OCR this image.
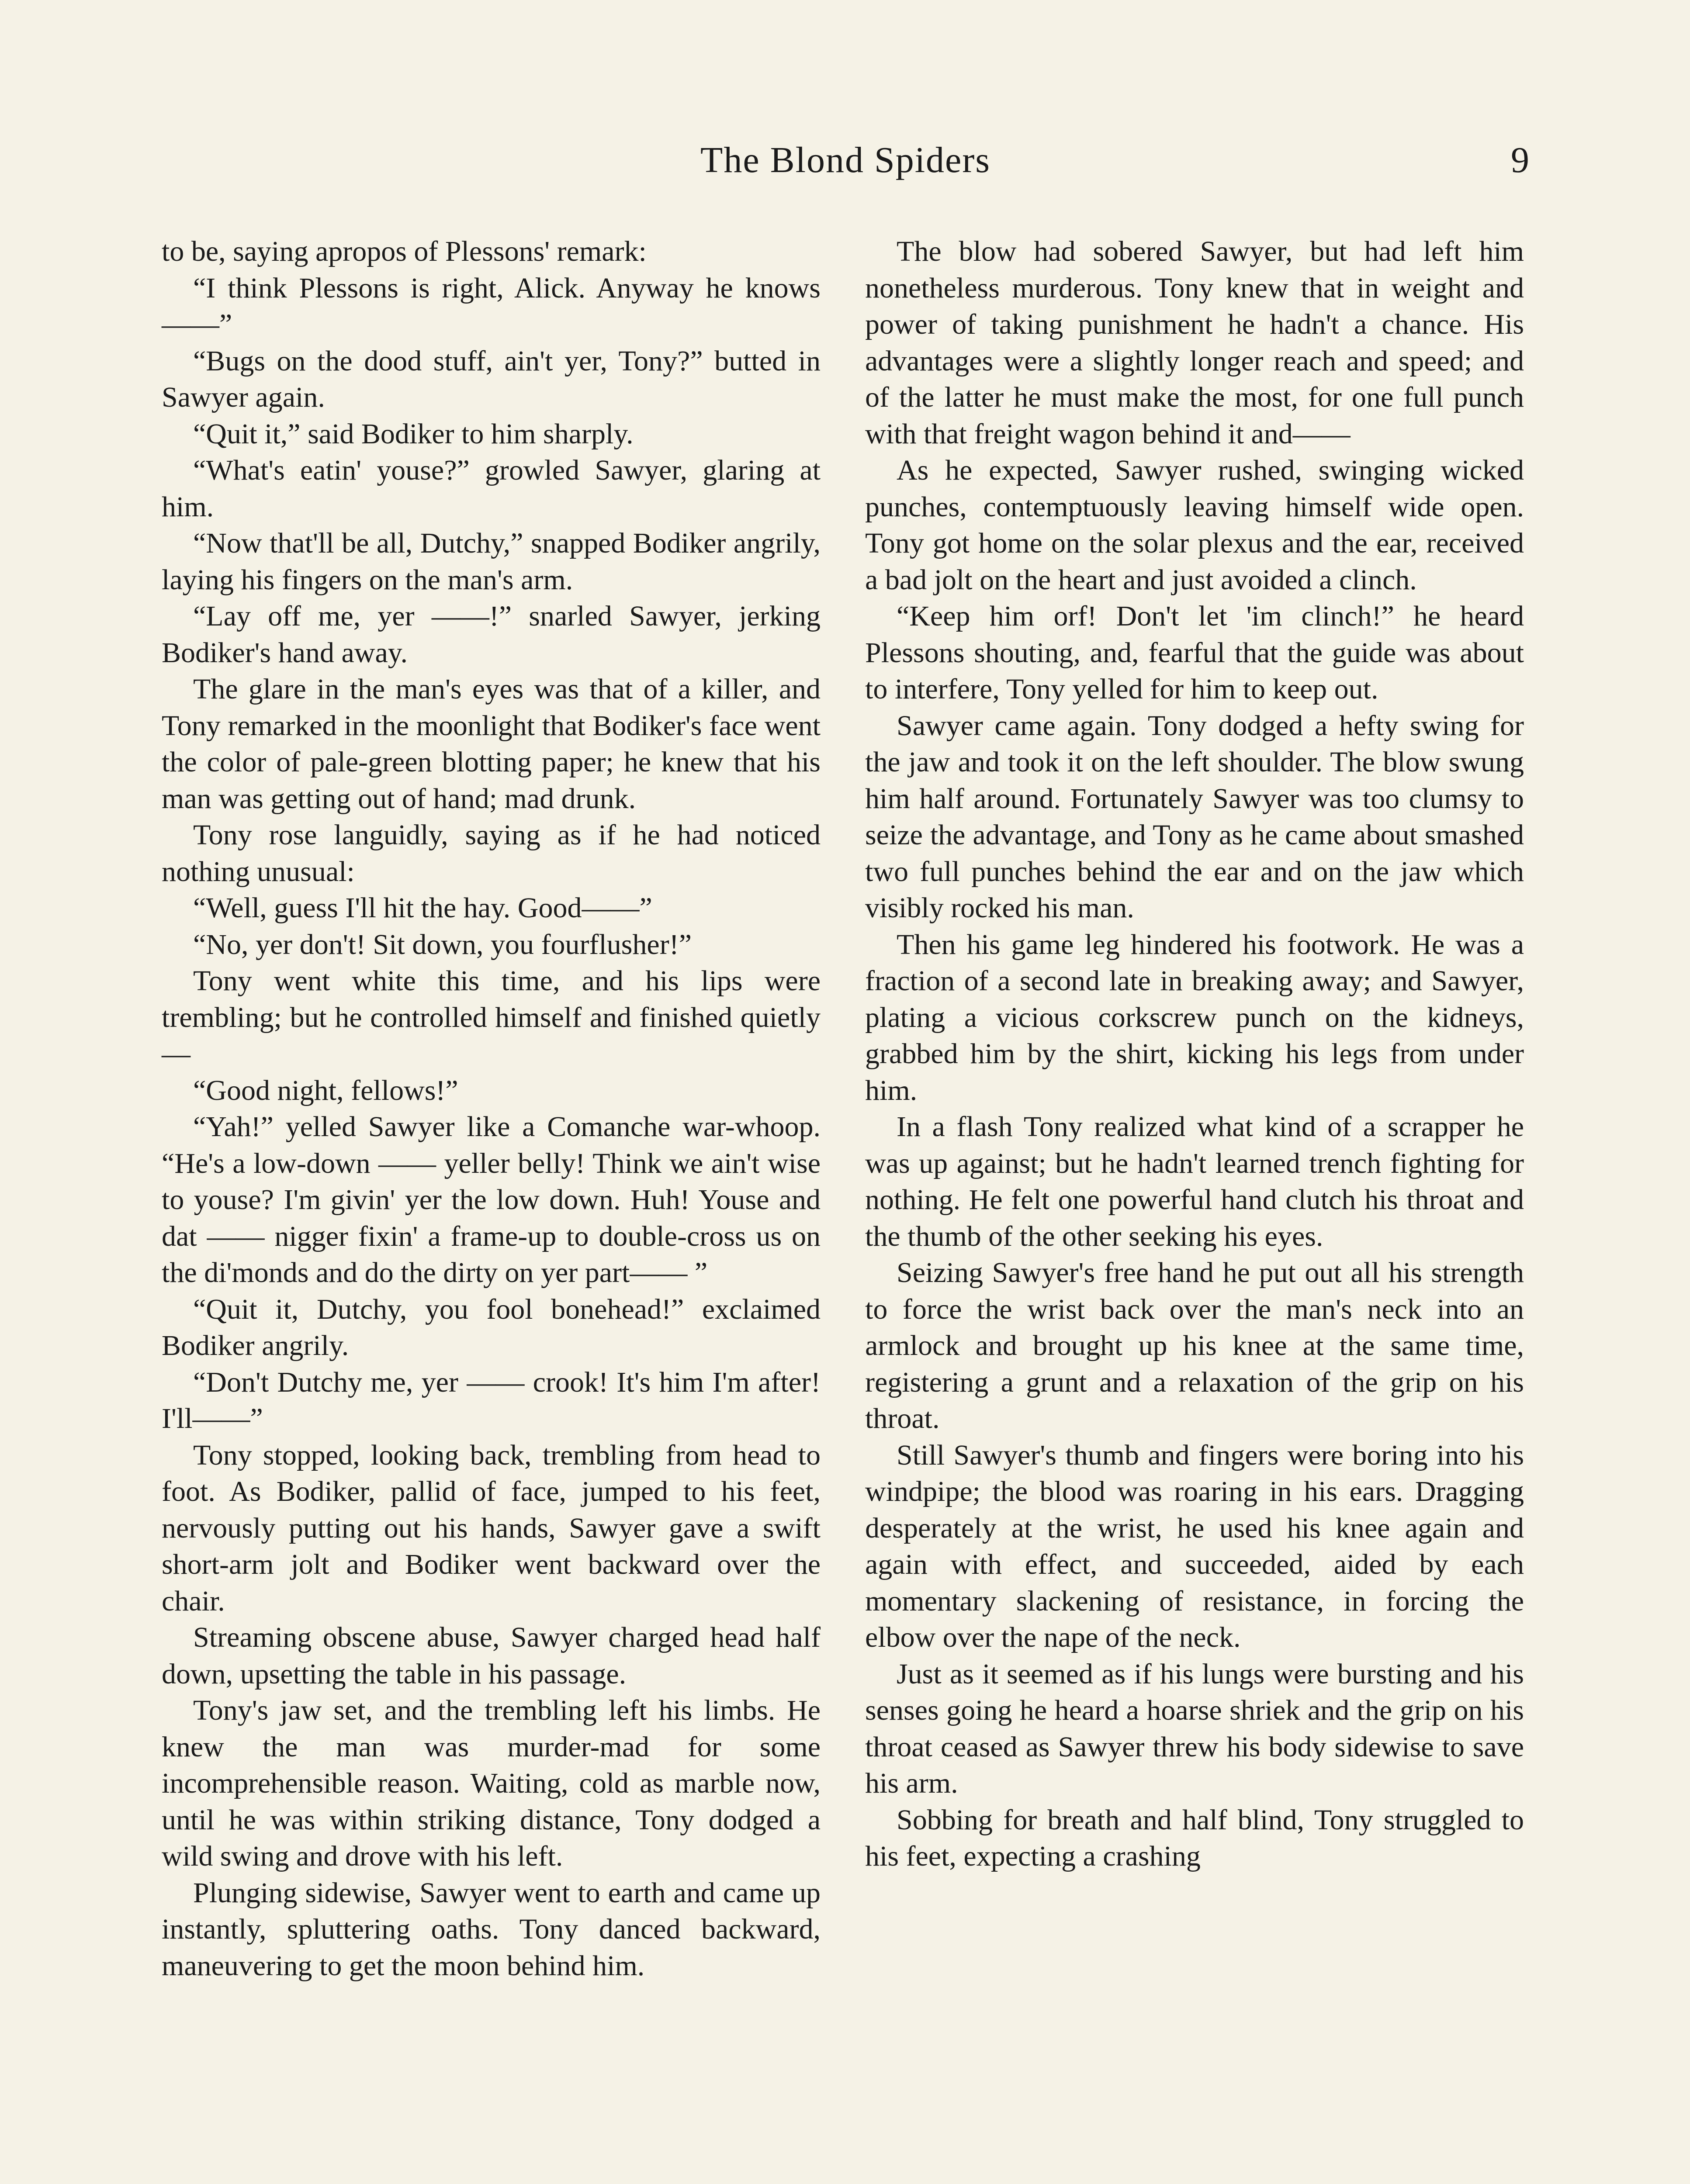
The Blond Spiders	9

to be, saying apropos of Plessons' remark:

“I think Plessons is right, Alick. Anyway he knows——”

“Bugs on the dood stuff, ain't yer, Tony?” butted in Sawyer again.

“Quit it,” said Bodiker to him sharply.

“What's eatin' youse?” growled Sawyer, glaring at him.

“Now that'll be all, Dutchy,” snapped Bodiker angrily, laying his fingers on the man's arm.

“Lay off me, yer ——!” snarled Sawyer, jerking Bodiker's hand away.

The glare in the man's eyes was that of a killer, and Tony remarked in the moonlight that Bodiker's face went the color of pale-green blotting paper; he knew that his man was getting out of hand; mad drunk.

Tony rose languidly, saying as if he had noticed nothing unusual:

“Well, guess I'll hit the hay. Good——”

“No, yer don't! Sit down, you fourflusher!”

Tony went white this time, and his lips were trembling; but he controlled himself and finished quietly—

“Good night, fellows!”

“Yah!” yelled Sawyer like a Comanche war-whoop. “He's a low-down —— yeller belly! Think we ain't wise to youse? I'm givin' yer the low down. Huh! Youse and dat —— nigger fixin' a frame-up to double-cross us on the di'monds and do the dirty on yer part—— ”

“Quit it, Dutchy, you fool bonehead!” exclaimed Bodiker angrily.

“Don't Dutchy me, yer —— crook! It's him I'm after! I'll——”

Tony stopped, looking back, trembling from head to foot. As Bodiker, pallid of face, jumped to his feet, nervously putting out his hands, Sawyer gave a swift short-arm jolt and Bodiker went backward over the chair.

Streaming obscene abuse, Sawyer charged head half down, upsetting the table in his passage.

Tony's jaw set, and the trembling left his limbs. He knew the man was murder-mad for some incomprehensible reason. Waiting, cold as marble now, until he was within striking distance, Tony dodged a wild swing and drove with his left.

Plunging sidewise, Sawyer went to earth and came up instantly, spluttering oaths. Tony danced backward, maneuvering to get the moon behind him.

The blow had sobered Sawyer, but had left him nonetheless murderous. Tony knew that in weight and power of taking punishment he hadn't a chance. His advantages were a slightly longer reach and speed; and of the latter he must make the most, for one full punch with that freight wagon behind it and——

As he expected, Sawyer rushed, swinging wicked punches, contemptuously leaving himself wide open. Tony got home on the solar plexus and the ear, received a bad jolt on the heart and just avoided a clinch.

“Keep him orf! Don't let 'im clinch!” he heard Plessons shouting, and, fearful that the guide was about to interfere, Tony yelled for him to keep out.

Sawyer came again. Tony dodged a hefty swing for the jaw and took it on the left shoulder. The blow swung him half around. Fortunately Sawyer was too clumsy to seize the advantage, and Tony as he came about smashed two full punches behind the ear and on the jaw which visibly rocked his man.

Then his game leg hindered his footwork. He was a fraction of a second late in breaking away; and Sawyer, plating a vicious corkscrew punch on the kidneys, grabbed him by the shirt, kicking his legs from under him.

In a flash Tony realized what kind of a scrapper he was up against; but he hadn't learned trench fighting for nothing. He felt one powerful hand clutch his throat and the thumb of the other seeking his eyes.

Seizing Sawyer's free hand he put out all his strength to force the wrist back over the man's neck into an armlock and brought up his knee at the same time, registering a grunt and a relaxation of the grip on his throat.

Still Sawyer's thumb and fingers were boring into his windpipe; the blood was roaring in his ears. Dragging desperately at the wrist, he used his knee again and again with effect, and succeeded, aided by each momentary slackening of resistance, in forcing the elbow over the nape of the neck.

Just as it seemed as if his lungs were bursting and his senses going he heard a hoarse shriek and the grip on his throat ceased as Sawyer threw his body sidewise to save his arm.

Sobbing for breath and half blind, Tony struggled to his feet, expecting a crashing
